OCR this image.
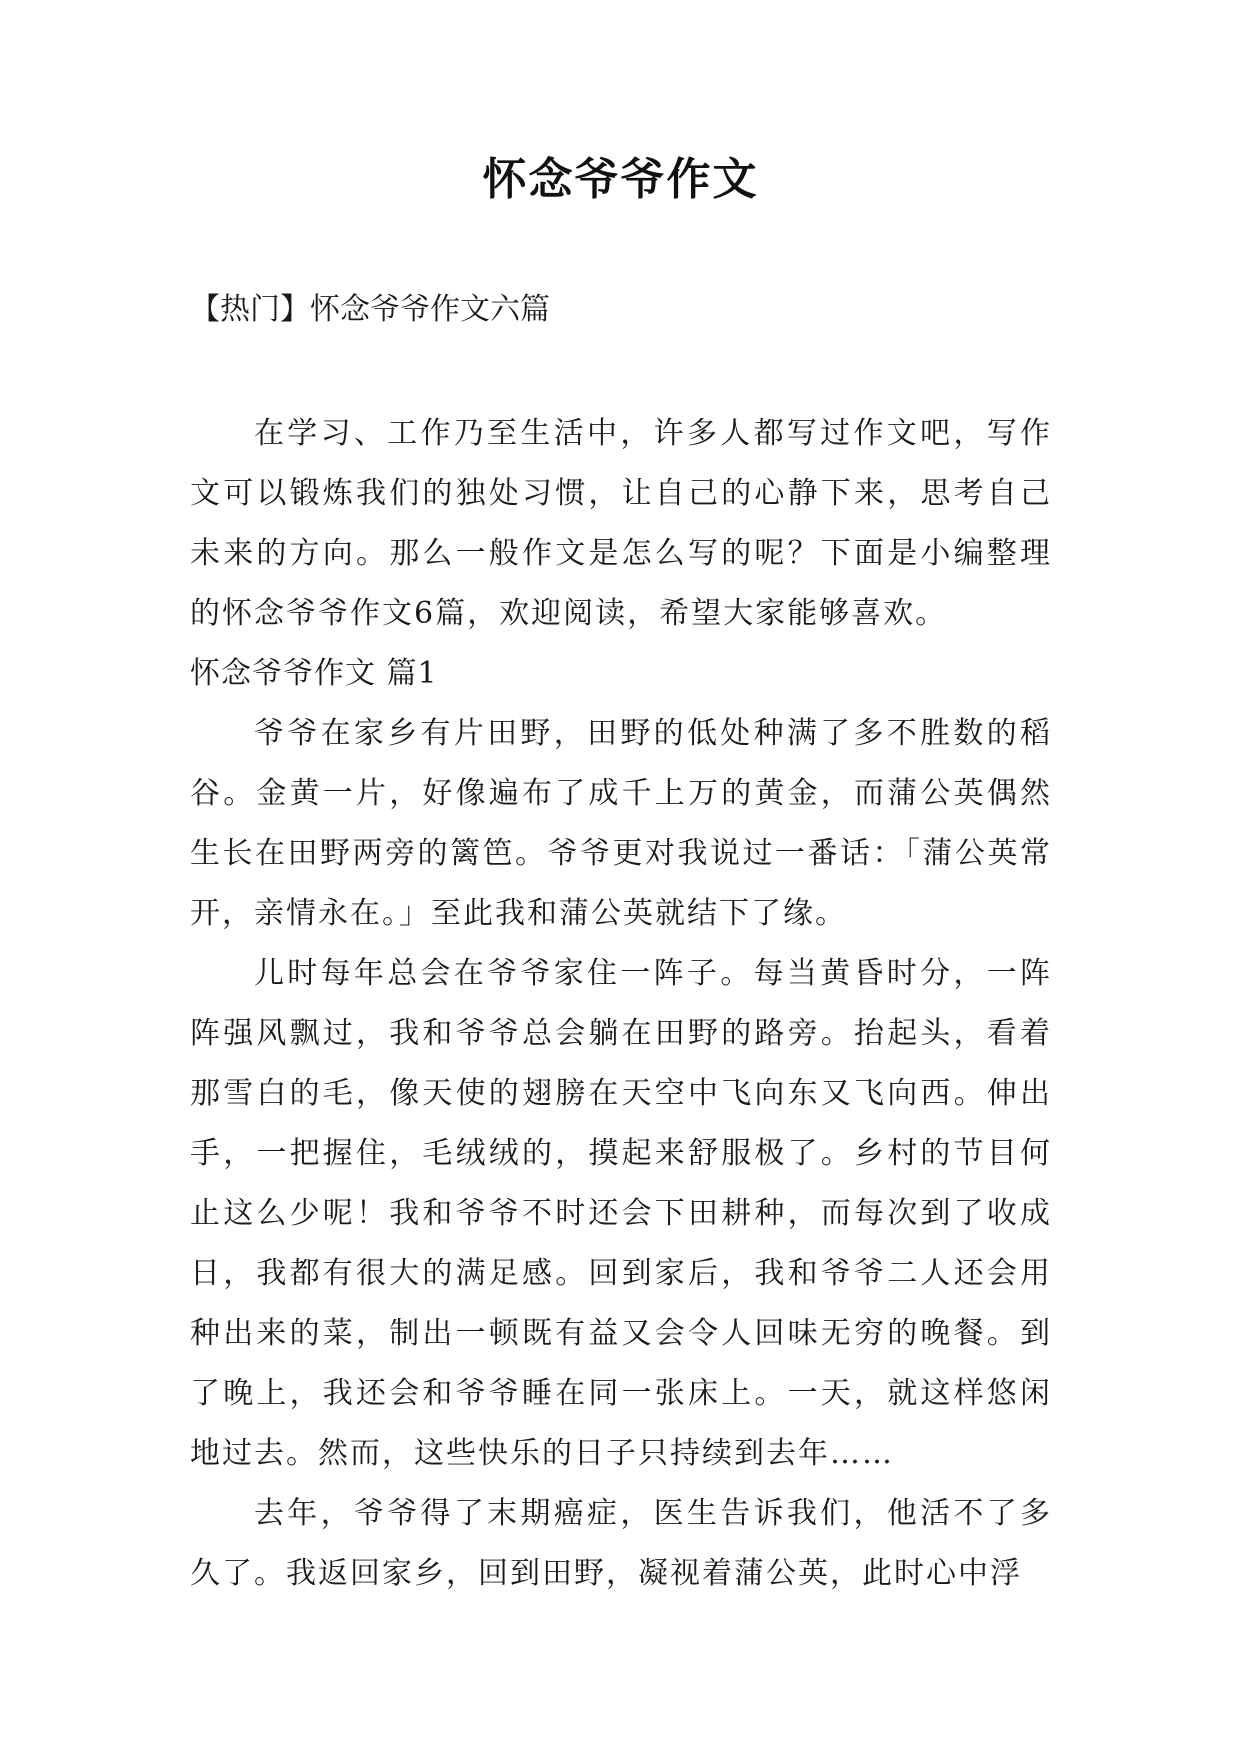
怀念爷爷作文

【热门】怀念爷爷作文六篇

在学习、工作乃至生活中，许多人都写过作文吧，写作文可以锻炼我们的独处习惯，让自己的心静下来，思考自己未来的方向。那么一般作文是怎么写的呢？下面是小编整理的怀念爷爷作文6篇，欢迎阅读，希望大家能够喜欢。

怀念爷爷作文 篇1

爷爷在家乡有片田野，田野的低处种满了多不胜数的稻谷。金黄一片，好像遍布了成千上万的黄金，而蒲公英偶然生长在田野两旁的篱笆。爷爷更对我说过一番话：「蒲公英常开，亲情永在。」至此我和蒲公英就结下了缘。

儿时每年总会在爷爷家住一阵子。每当黄昏时分，一阵阵强风飘过，我和爷爷总会躺在田野的路旁。抬起头，看着那雪白的毛，像天使的翅膀在天空中飞向东又飞向西。伸出手，一把握住，毛绒绒的，摸起来舒服极了。乡村的节目何止这么少呢！我和爷爷不时还会下田耕种，而每次到了收成日，我都有很大的满足感。回到家后，我和爷爷二人还会用种出来的菜，制出一顿既有益又会令人回味无穷的晚餐。到了晚上，我还会和爷爷睡在同一张床上。一天，就这样悠闲地过去。然而，这些快乐的日子只持续到去年……

去年，爷爷得了末期癌症，医生告诉我们，他活不了多久了。我返回家乡，回到田野，凝视着蒲公英，此时心中浮
